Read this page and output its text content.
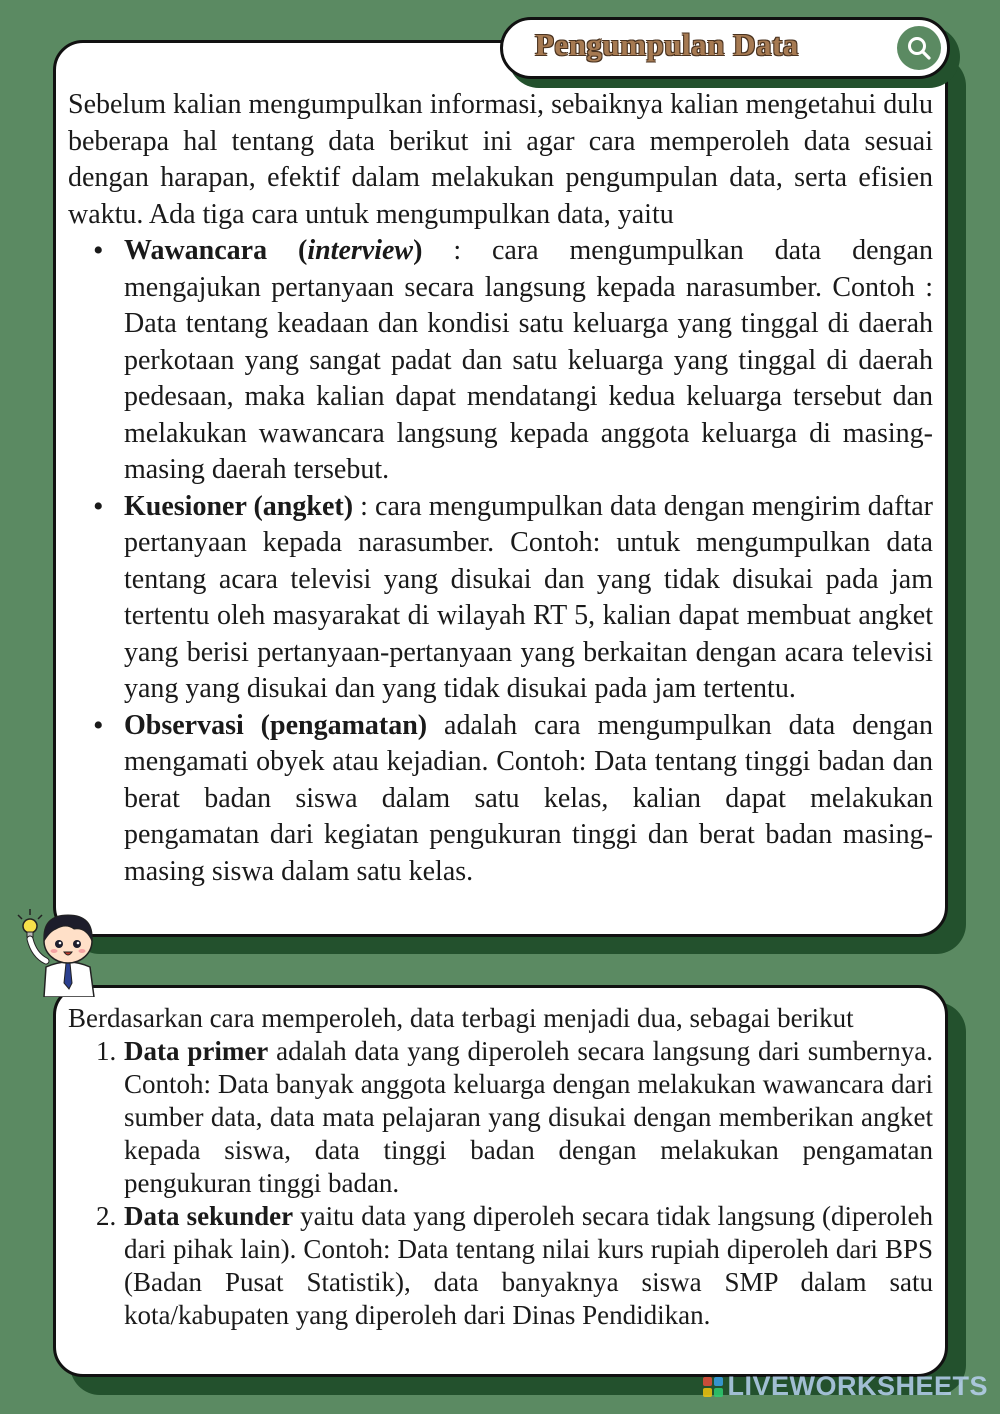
Sebelum kalian mengumpulkan informasi, sebaiknya kalian mengetahui dulu beberapa hal tentang data berikut ini agar cara memperoleh data sesuai dengan harapan, efektif dalam melakukan pengumpulan data, serta efisien waktu. Ada tiga cara untuk mengumpulkan data, yaitu

• Wawancara (interview) : cara mengumpulkan data dengan mengajukan pertanyaan secara langsung kepada narasumber. Contoh : Data tentang keadaan dan kondisi satu keluarga yang tinggal di daerah perkotaan yang sangat padat dan satu keluarga yang tinggal di daerah pedesaan, maka kalian dapat mendatangi kedua keluarga tersebut dan melakukan wawancara langsung kepada anggota keluarga di masing-masing daerah tersebut.
• Kuesioner (angket) : cara mengumpulkan data dengan mengirim daftar pertanyaan kepada narasumber. Contoh: untuk mengumpulkan data tentang acara televisi yang disukai dan yang tidak disukai pada jam tertentu oleh masyarakat di wilayah RT 5, kalian dapat membuat angket yang berisi pertanyaan-pertanyaan yang berkaitan dengan acara televisi yang yang disukai dan yang tidak disukai pada jam tertentu.
• Observasi (pengamatan) adalah cara mengumpulkan data dengan mengamati obyek atau kejadian. Contoh: Data tentang tinggi badan dan berat badan siswa dalam satu kelas, kalian dapat melakukan pengamatan dari kegiatan pengukuran tinggi dan berat badan masing-masing siswa dalam satu kelas.
Pengumpulan Data

Berdasarkan cara memperoleh, data terbagi menjadi dua, sebagai berikut

1. Data primer adalah data yang diperoleh secara langsung dari sumbernya. Contoh: Data banyak anggota keluarga dengan melakukan wawancara dari sumber data, data mata pelajaran yang disukai dengan memberikan angket kepada siswa, data tinggi badan dengan melakukan pengamatan pengukuran tinggi badan.
2. Data sekunder yaitu data yang diperoleh secara tidak langsung (diperoleh dari pihak lain). Contoh: Data tentang nilai kurs rupiah diperoleh dari BPS (Badan Pusat Statistik), data banyaknya siswa SMP dalam satu kota/kabupaten yang diperoleh dari Dinas Pendidikan.
LIVEWORKSHEETS
